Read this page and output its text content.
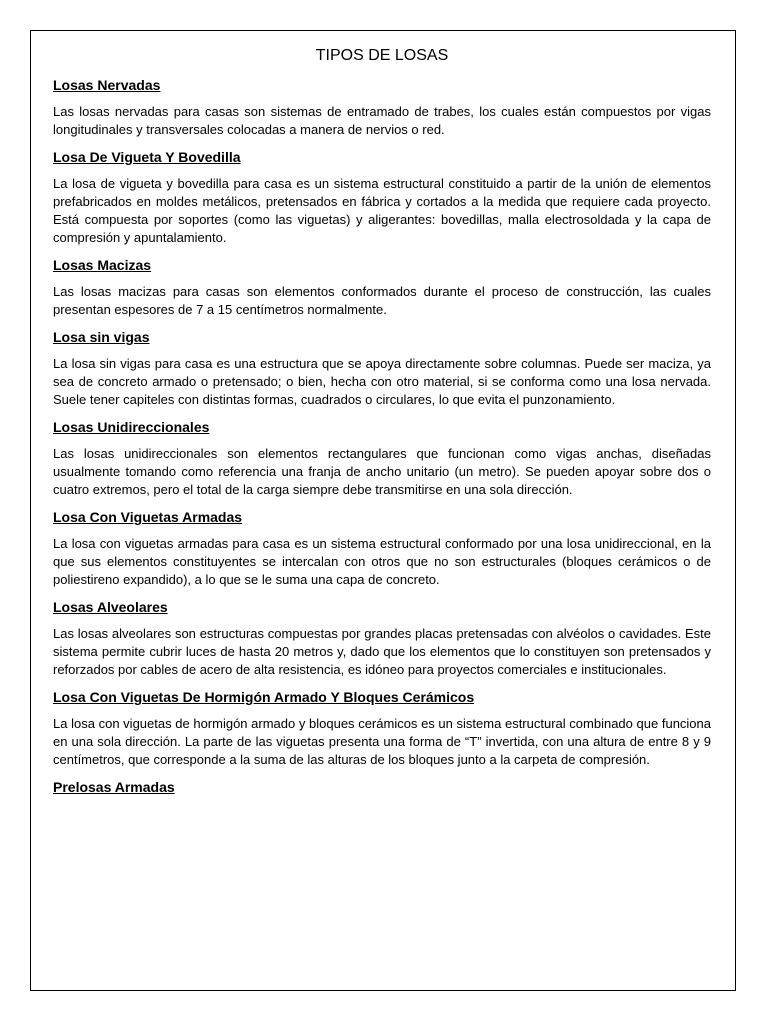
TIPOS DE LOSAS
Losas Nervadas

Las losas nervadas para casas son sistemas de entramado de trabes, los cuales están compuestos por vigas longitudinales y transversales colocadas a manera de nervios o red.

Losa De Vigueta Y Bovedilla

La losa de vigueta y bovedilla para casa es un sistema estructural constituido a partir de la unión de elementos prefabricados en moldes metálicos, pretensados en fábrica y cortados a la medida que requiere cada proyecto. Está compuesta por soportes (como las viguetas) y aligerantes: bovedillas, malla electrosoldada y la capa de compresión y apuntalamiento.

Losas Macizas

Las losas macizas para casas son elementos conformados durante el proceso de construcción, las cuales presentan espesores de 7 a 15 centímetros normalmente.

Losa sin vigas

La losa sin vigas para casa es una estructura que se apoya directamente sobre columnas. Puede ser maciza, ya sea de concreto armado o pretensado; o bien, hecha con otro material, si se conforma como una losa nervada. Suele tener capiteles con distintas formas, cuadrados o circulares, lo que evita el punzonamiento.

Losas Unidireccionales

Las losas unidireccionales son elementos rectangulares que funcionan como vigas anchas, diseñadas usualmente tomando como referencia una franja de ancho unitario (un metro). Se pueden apoyar sobre dos o cuatro extremos, pero el total de la carga siempre debe transmitirse en una sola dirección.

Losa Con Viguetas Armadas

La losa con viguetas armadas para casa es un sistema estructural conformado por una losa unidireccional, en la que sus elementos constituyentes se intercalan con otros que no son estructurales (bloques cerámicos o de poliestireno expandido), a lo que se le suma una capa de concreto.

Losas Alveolares

Las losas alveolares son estructuras compuestas por grandes placas pretensadas con alvéolos o cavidades. Este sistema permite cubrir luces de hasta 20 metros y, dado que los elementos que lo constituyen son pretensados y reforzados por cables de acero de alta resistencia, es idóneo para proyectos comerciales e institucionales.

Losa Con Viguetas De Hormigón Armado Y Bloques Cerámicos

La losa con viguetas de hormigón armado y bloques cerámicos es un sistema estructural combinado que funciona en una sola dirección. La parte de las viguetas presenta una forma de “T” invertida, con una altura de entre 8 y 9 centímetros, que corresponde a la suma de las alturas de los bloques junto a la carpeta de compresión.

Prelosas Armadas
